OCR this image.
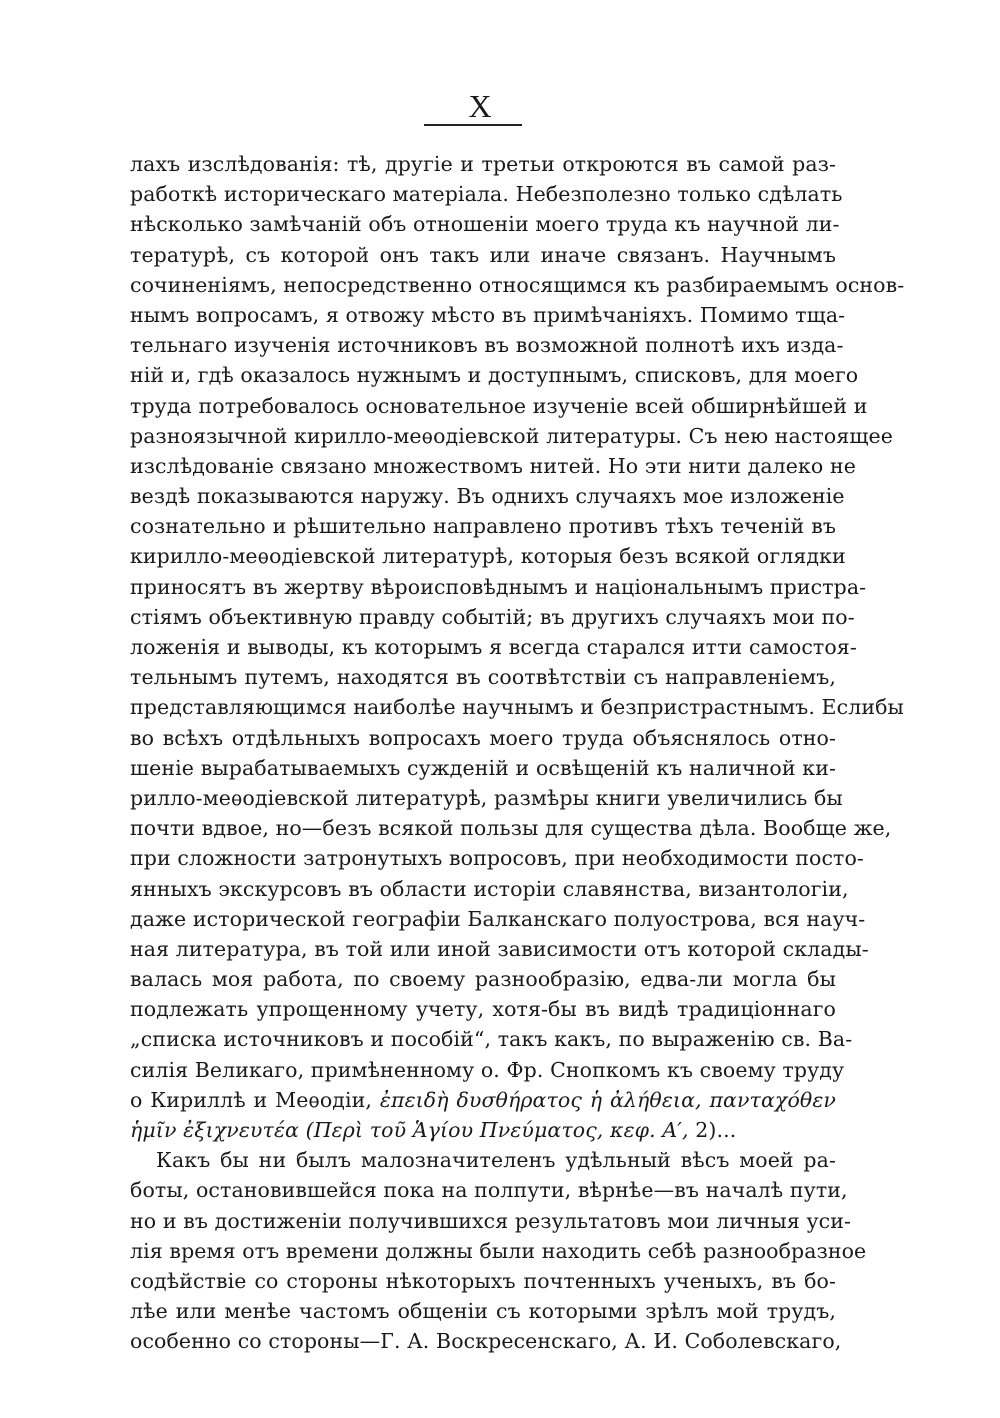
X
лахъ изслѣдованія: тѣ, другіе и третьи откроются въ самой раз-
работкѣ историческаго матеріала. Небезполезно только сдѣлать
нѣсколько замѣчаній объ отношеніи моего труда къ научной ли-
тературѣ, съ которой онъ такъ или иначе связанъ. Научнымъ
сочиненіямъ, непосредственно относящимся къ разбираемымъ основ-
нымъ вопросамъ, я отвожу мѣсто въ примѣчаніяхъ. Помимо тща-
тельнаго изученія источниковъ въ возможной полнотѣ ихъ изда-
ній и, гдѣ оказалось нужнымъ и доступнымъ, списковъ, для моего
труда потребовалось основательное изученіе всей обширнѣйшей и
разноязычной кирилло-меѳодіевской литературы. Съ нею настоящее
изслѣдованіе связано множествомъ нитей. Но эти нити далеко не
вездѣ показываются наружу. Въ однихъ случаяхъ мое изложеніе
сознательно и рѣшительно направлено противъ тѣхъ теченій въ
кирилло-меѳодіевской литературѣ, которыя безъ всякой оглядки
приносятъ въ жертву вѣроисповѣднымъ и національнымъ пристра-
стіямъ объективную правду событій; въ другихъ случаяхъ мои по-
ложенія и выводы, къ которымъ я всегда старался итти самостоя-
тельнымъ путемъ, находятся въ соотвѣтствіи съ направленіемъ,
представляющимся наиболѣе научнымъ и безпристрастнымъ. Еслибы
во всѣхъ отдѣльныхъ вопросахъ моего труда объяснялось отно-
шеніе вырабатываемыхъ сужденій и освѣщеній къ наличной ки-
рилло-меѳодіевской литературѣ, размѣры книги увеличились бы
почти вдвое, но—безъ всякой пользы для существа дѣла. Вообще же,
при сложности затронутыхъ вопросовъ, при необходимости посто-
янныхъ экскурсовъ въ области исторіи славянства, византологіи,
даже исторической географіи Балканскаго полуострова, вся науч-
ная литература, въ той или иной зависимости отъ которой склады-
валась моя работа, по своему разнообразію, едва-ли могла бы
подлежать упрощенному учету, хотя-бы въ видѣ традиціоннаго
„списка источниковъ и пособій“, такъ какъ, по выраженію св. Ва-
силія Великаго, примѣненному о. Фр. Снопкомъ къ своему труду
о Кириллѣ и Меѳодіи, ἐπειδὴ δυσθήρατος ἡ ἀλήθεια, πανταχόθεν
ἡμῖν ἐξιχνευτέα (Περὶ τοῦ Ἁγίου Πνεύματος, κεφ. Α′, 2)...
Какъ бы ни былъ малозначителенъ удѣльный вѣсъ моей ра-
боты, остановившейся пока на полпути, вѣрнѣе—въ началѣ пути,
но и въ достиженіи получившихся результатовъ мои личныя уси-
лія время отъ времени должны были находить себѣ разнообразное
содѣйствіе со стороны нѣкоторыхъ почтенныхъ ученыхъ, въ бо-
лѣе или менѣе частомъ общеніи съ которыми зрѣлъ мой трудъ,
особенно со стороны—Г. А. Воскресенскаго, А. И. Соболевскаго,
